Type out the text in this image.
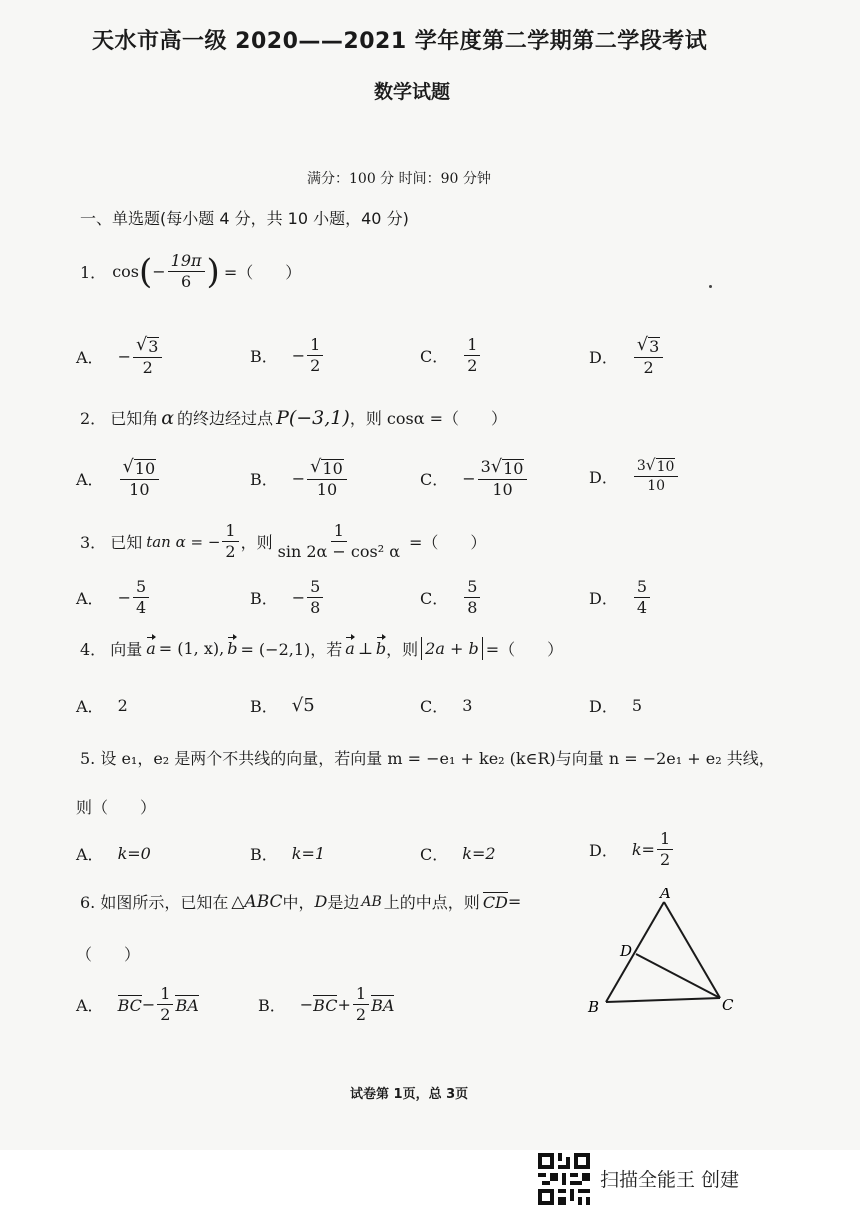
天水市高一级 2020——2021 学年度第二学期第二学段考试
数学试题
满分：100 分 时间：90 分钟
一、单选题(每小题 4 分，共 10 小题，40 分)
1． cos ( − $\frac{19\pi}{6}$ ) =（　　）
A． − $\frac{√ 3}{2}$	B． − $\frac{1}{2}$	C． $\frac{1}{2}$	D． $\frac{√ 3}{2}$
2． 已知角 α 的终边经过点 P(−3,1) ，则 cosα =（　　）
A． $\frac{√ 10}{10}$	B． − $\frac{√ 10}{10}$	C． − $\frac{3 √ 10}{10}$	D． $\frac{3 √ 10}{10}$
3． 已知 tan α = − $\frac{1}{2}$ ，则 $\frac{1}{\text{sin 2α − cos² α}}$ =（　　）
A． − $\frac{5}{4}$	B． − $\frac{5}{8}$	C． $\frac{5}{8}$	D． $\frac{5}{4}$
4． 向量 a = (1, x), b = (−2,1)，若 a ⊥ b ，则 2a + b =（　　）
A． 2	B． √5	C． 3	D． 5
5. 设 e₁，e₂ 是两个不共线的向量，若向量 m = −e₁ + ke₂ (k∈R)与向量 n = −2e₁ + e₂ 共线，
则（　　）
A． k=0	B． k=1	C． k=2	D． $k= \frac{1}{2}$
6. 如图所示，已知在 △ABC 中， D 是边 AB 上的中点，则 CD =
（　　）
A． BC − $\frac{1}{2}$ BA	B． − BC + $\frac{1}{2}$ BA
A
B	C
D
试卷第 1页，总 3页
扫描全能王 创建
